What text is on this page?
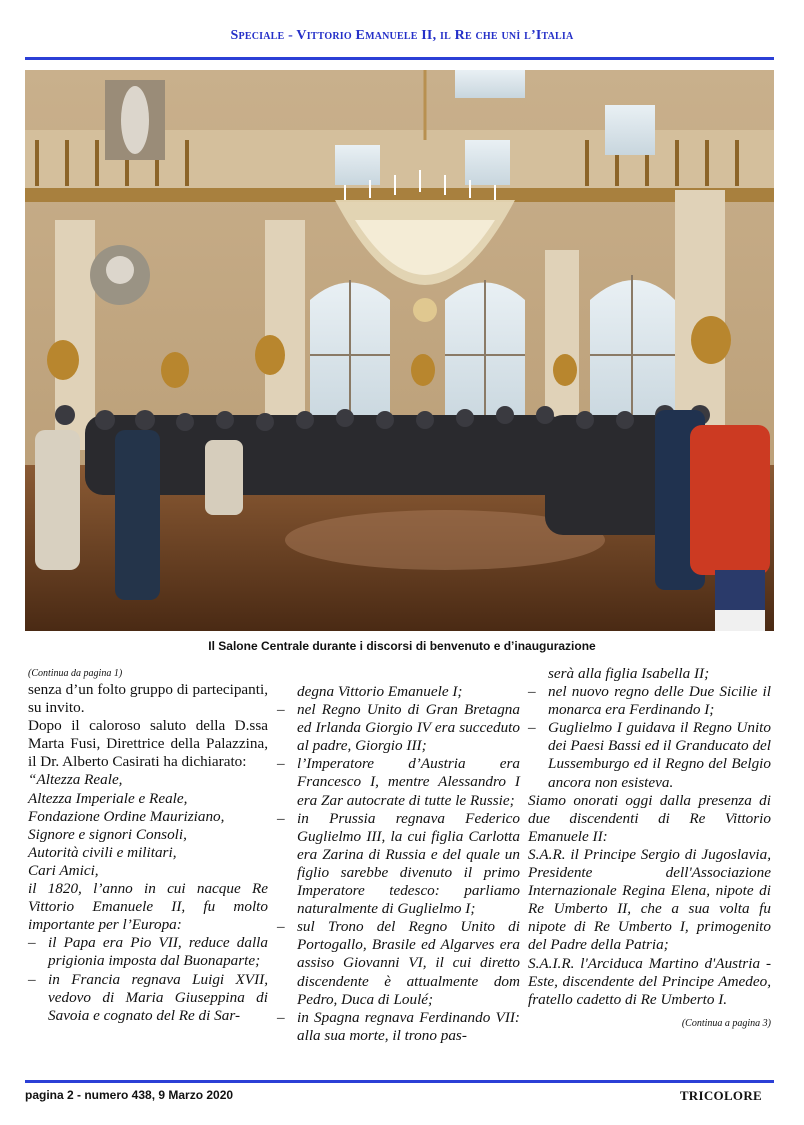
Speciale - Vittorio Emanuele II, il Re che unì l’Italia
Il Salone Centrale durante i discorsi di benvenuto e d’inaugurazione

(Continua da pagina 1)

senza d’un folto gruppo di partecipanti, su invito.

Dopo il caloroso saluto della D.ssa Marta Fusi, Direttrice della Palazzina, il Dr. Alberto Casirati ha dichiarato:

“Altezza Reale,

Altezza Imperiale e Reale,

Fondazione Ordine Mauriziano,

Signore e signori Consoli,

Autorità civili e militari,

Cari Amici,

il 1820, l’anno in cui nacque Re Vittorio Emanuele II, fu molto importante per l’Europa:

– il Papa era Pio VII, reduce dalla prigionia imposta dal Buonaparte;
– in Francia regnava Luigi XVII, vedovo di Maria Giuseppina di Savoia e cognato del Re di Sar-

degna Vittorio Emanuele I;

– nel Regno Unito di Gran Bretagna ed Irlanda Giorgio IV era succeduto al padre, Giorgio III;
– l’Imperatore d’Austria era Francesco I, mentre Alessandro I era Zar autocrate di tutte le Russie;
– in Prussia regnava Federico Guglielmo III, la cui figlia Carlotta era Zarina di Russia e del quale un figlio sarebbe divenuto il primo Imperatore tedesco: parliamo naturalmente di Guglielmo I;
– sul Trono del Regno Unito di Portogallo, Brasile ed Algarves era assiso Giovanni VI, il cui diretto discendente è attualmente dom Pedro, Duca di Loulé;
– in Spagna regnava Ferdinando VII: alla sua morte, il trono pas-

serà alla figlia Isabella II;

– nel nuovo regno delle Due Sicilie il monarca era Ferdinando I;
– Guglielmo I guidava il Regno Unito dei Paesi Bassi ed il Granducato del Lussemburgo ed il Regno del Belgio ancora non esisteva.

Siamo onorati oggi dalla presenza di due discendenti di Re Vittorio Emanuele II:

S.A.R. il Principe Sergio di Jugoslavia, Presidente dell'Associazione Internazionale Regina Elena, nipote di Re Umberto II, che a sua volta fu nipote di Re Umberto I, primogenito del Padre della Patria;

S.A.I.R. l'Arciduca Martino d'Austria - Este, discendente del Principe Amedeo, fratello cadetto di Re Umberto I.

(Continua a pagina 3)

pagina 2 - numero 438, 9 Marzo 2020	TRICOLORE
